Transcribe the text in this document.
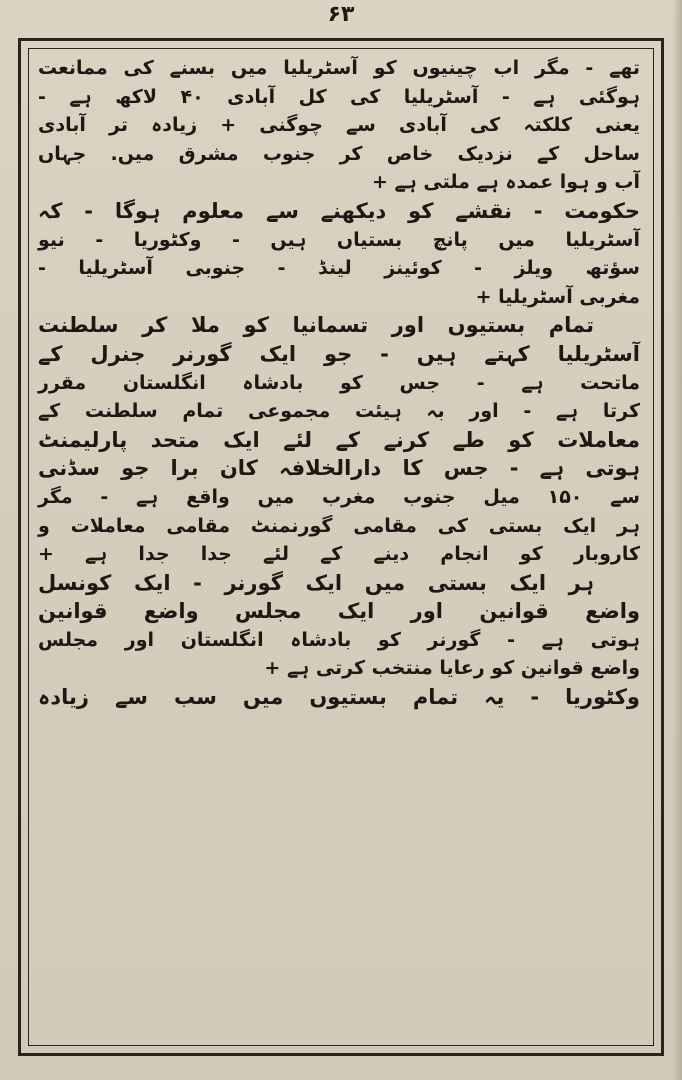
۶۳
تھے - مگر اب چینیوں کو آسٹریلیا میں بسنے کی ممانعت
ہوگئی ہے - آسٹریلیا کی کل آبادی ۴۰ لاکھ ہے -
یعنی کلکتہ کی آبادی سے چوگنی + زیادہ تر آبادی
ساحل کے نزدیک خاص کر جنوب مشرق میں. جہاں
آب و ہوا عمدہ ہے ملتی ہے +
حکومت - نقشے کو دیکھنے سے معلوم ہوگا - کہ
آسٹریلیا میں پانچ بستیاں ہیں - وکٹوریا - نیو
سؤتھ ویلز - کوئینز لینڈ - جنوبی آسٹریلیا -
مغربی آسٹریلیا +
تمام بستیوں اور تسمانیا کو ملا کر سلطنت
آسٹریلیا کہتے ہیں - جو ایک گورنر جنرل کے
ماتحت ہے - جس کو بادشاہ انگلستان مقرر
کرتا ہے - اور بہ ہیئت مجموعی تمام سلطنت کے
معاملات کو طے کرنے کے لئے ایک متحد پارلیمنٹ
ہوتی ہے - جس کا دارالخلافہ کان برا جو سڈنی
سے ۱۵۰ میل جنوب مغرب میں واقع ہے - مگر
ہر ایک بستی کی مقامی گورنمنٹ مقامی معاملات و
کاروبار کو انجام دینے کے لئے جدا جدا ہے +
ہر ایک بستی میں ایک گورنر - ایک کونسل
واضع قوانین اور ایک مجلس واضع قوانین
ہوتی ہے - گورنر کو بادشاہ انگلستان اور مجلس
واضع قوانین کو رعایا منتخب کرتی ہے +
وکٹوریا - یہ تمام بستیوں میں سب سے زیادہ
